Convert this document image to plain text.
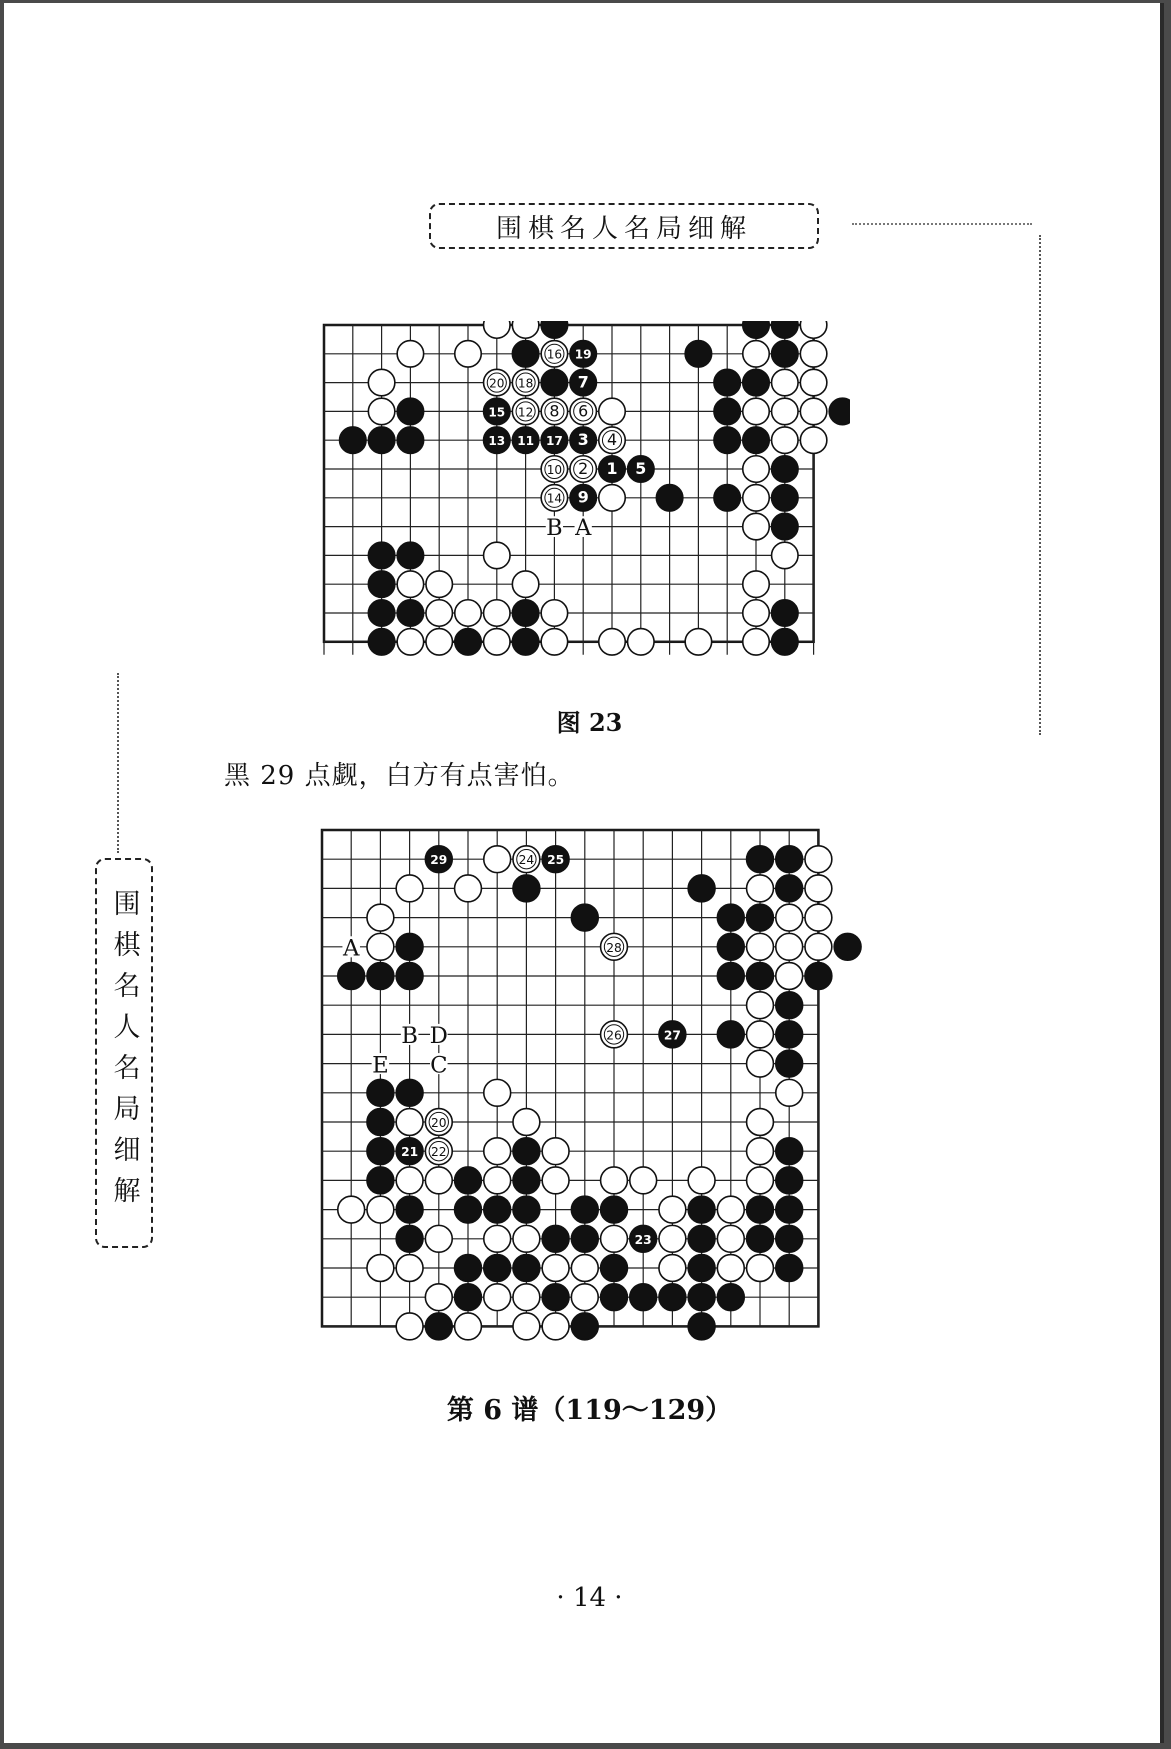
围棋名人名局细解
围棋名人名局细解
16 19
20 18	7
15 12 8 6
13 11 17 3 4
10 2 1 5
14 9
B A
图 23
黑 29 点觑，白方有点害怕。
29	24 25
28
26	27
20
21 22
23
A
B D
E C
第 6 谱（119～129）
· 14 ·
